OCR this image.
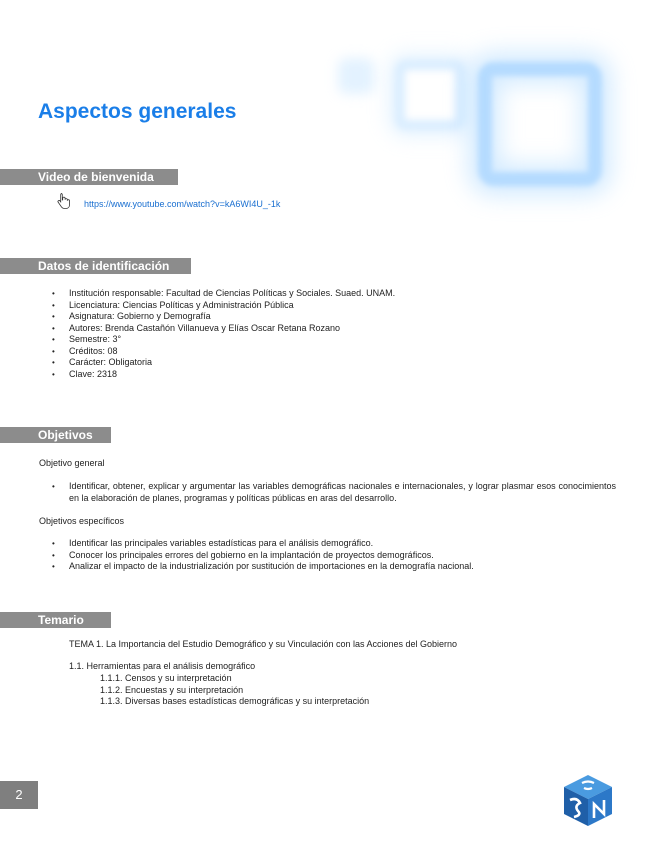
Aspectos generales
Video de bienvenida
https://www.youtube.com/watch?v=kA6WI4U_-1k
Datos de identificación
• Institución responsable: Facultad de Ciencias Políticas y Sociales. Suaed. UNAM.
• Licenciatura: Ciencias Políticas y Administración Pública
• Asignatura: Gobierno y Demografía
• Autores: Brenda Castañón Villanueva y Elías Oscar Retana Rozano
• Semestre: 3°
• Créditos: 08
• Carácter: Obligatoria
• Clave: 2318
Objetivos
Objetivo general
• Identificar, obtener, explicar y argumentar las variables demográficas nacionales e internacionales, y lograr plasmar esos conocimientos en la elaboración de planes, programas y políticas públicas en aras del desarrollo.
Objetivos específicos
• Identificar las principales variables estadísticas para el análisis demográfico.
• Conocer los principales errores del gobierno en la implantación de proyectos demográficos.
• Analizar el impacto de la industrialización por sustitución de importaciones en la demografía nacional.
Temario
TEMA 1. La Importancia del Estudio Demográfico y su Vinculación con las Acciones del Gobierno
1.1. Herramientas para el análisis demográfico
1.1.1. Censos y su interpretación
1.1.2. Encuestas y su interpretación
1.1.3. Diversas bases estadísticas demográficas y su interpretación
2
